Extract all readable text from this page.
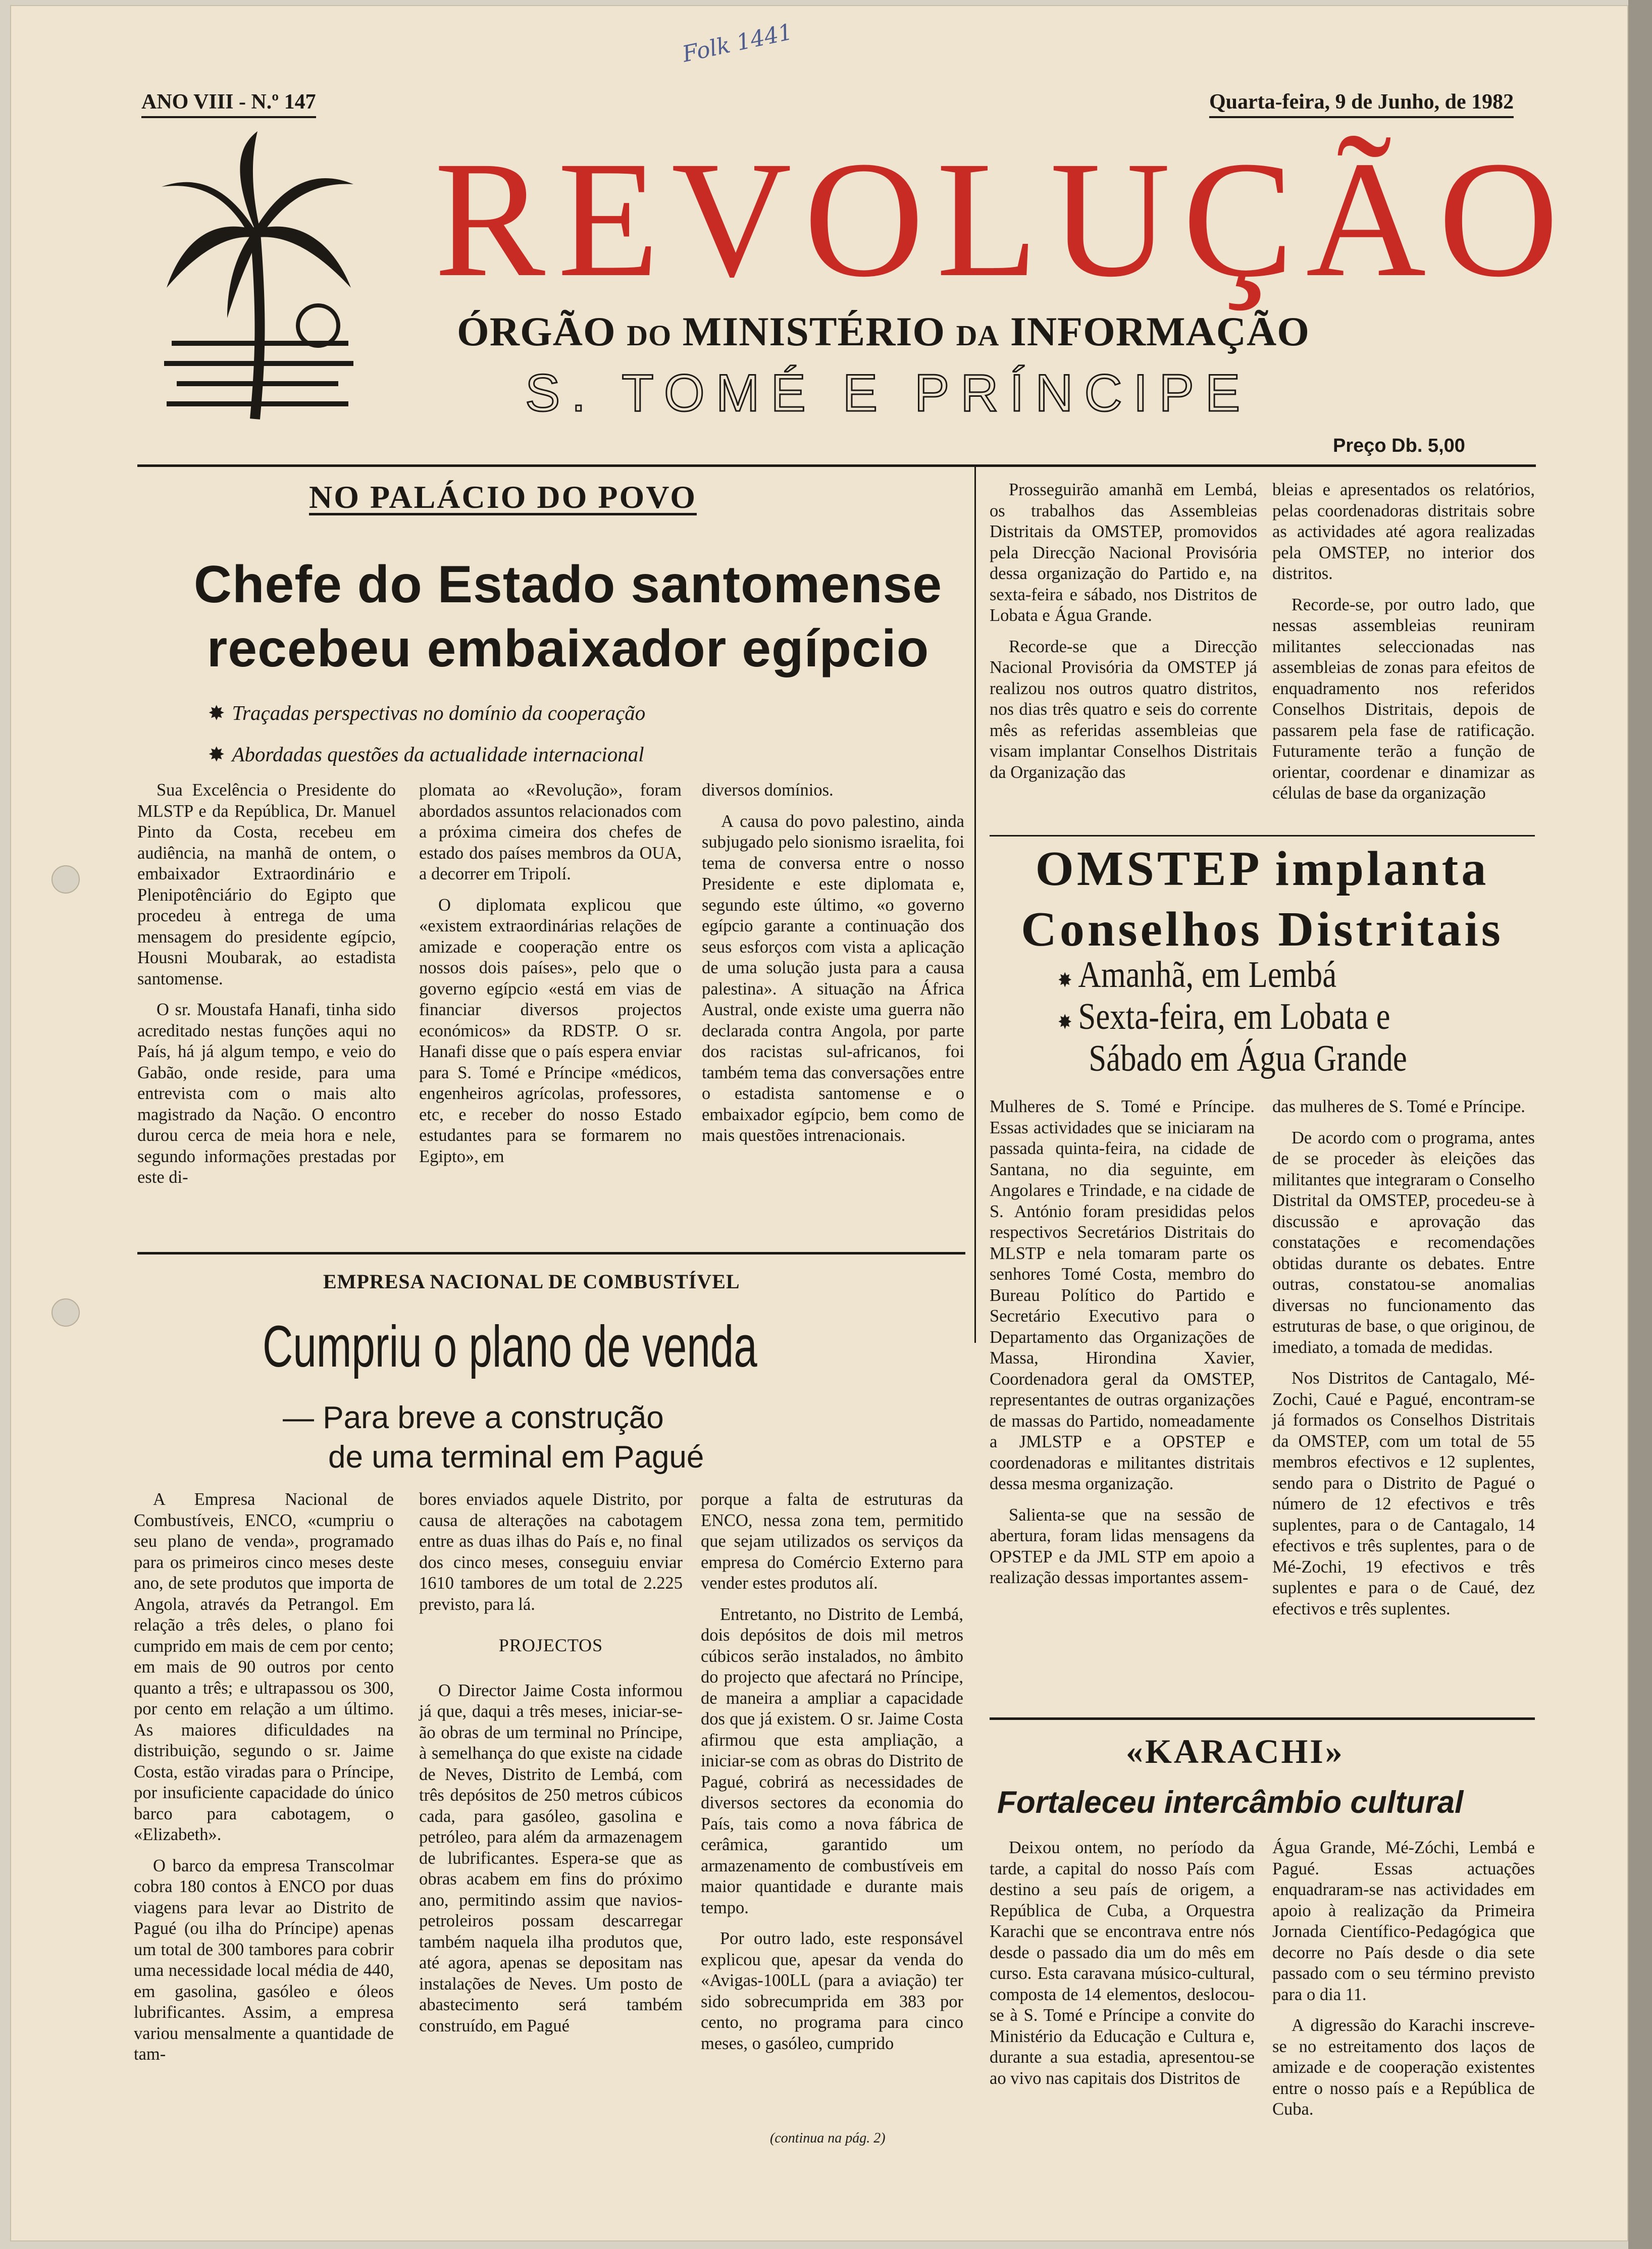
ANO VIII - N.º 147	Quarta-feira, 9 de Junho, de 1982
Folk 1441
REVOLUÇÃO
ÓRGÃO DO MINISTÉRIO DA INFORMAÇÃO
S. TOMÉ E PRÍNCIPE
Preço Db. 5,00
NO PALÁCIO DO POVO
Chefe do Estado santomense
recebeu embaixador egípcio
✸ Traçadas perspectivas no domínio da cooperação
✸ Abordadas questões da actualidade internacional

Sua Excelência o Presidente do MLSTP e da República, Dr. Manuel Pinto da Costa, recebeu em audiência, na manhã de ontem, o embaixador Extraordinário e Plenipotênciário do Egipto que procedeu à entrega de uma mensagem do presidente egípcio, Housni Moubarak, ao estadista santomense.

O sr. Moustafa Hanafi, tinha sido acreditado nestas funções aqui no País, há já algum tempo, e veio do Gabão, onde reside, para uma entrevista com o mais alto magistrado da Nação. O encontro durou cerca de meia hora e nele, segundo informações prestadas por este di-

plomata ao «Revolução», foram abordados assuntos relacionados com a próxima cimeira dos chefes de estado dos países membros da OUA, a decorrer em Tripolí.

O diplomata explicou que «existem extraordinárias relações de amizade e cooperação entre os nossos dois países», pelo que o governo egípcio «está em vias de financiar diversos projectos económicos» da RDSTP. O sr. Hanafi disse que o país espera enviar para S. Tomé e Príncipe «médicos, engenheiros agrícolas, professores, etc, e receber do nosso Estado estudantes para se formarem no Egipto», em

diversos domínios.

A causa do povo palestino, ainda subjugado pelo sionismo israelita, foi tema de conversa entre o nosso Presidente e este diplomata e, segundo este último, «o governo egípcio garante a continuação dos seus esforços com vista a aplicação de uma solução justa para a causa palestina». A situação na África Austral, onde existe uma guerra não declarada contra Angola, por parte dos racistas sul-africanos, foi também tema das conversações entre o estadista santomense e o embaixador egípcio, bem como de mais questões intrenacionais.

Prosseguirão amanhã em Lembá, os trabalhos das Assembleias Distritais da OMSTEP, promovidos pela Direcção Nacional Provisória dessa organização do Partido e, na sexta-feira e sábado, nos Distritos de Lobata e Água Grande.

Recorde-se que a Direcção Nacional Provisória da OMSTEP já realizou nos outros quatro distritos, nos dias três quatro e seis do corrente mês as referidas assembleias que visam implantar Conselhos Distritais da Organização das

bleias e apresentados os relatórios, pelas coordenadoras distritais sobre as actividades até agora realizadas pela OMSTEP, no interior dos distritos.

Recorde-se, por outro lado, que nessas assembleias reuniram militantes seleccionadas nas assembleias de zonas para efeitos de enquadramento nos referidos Conselhos Distritais, depois de passarem pela fase de ratificação. Futuramente terão a função de orientar, coordenar e dinamizar as células de base da organização

OMSTEP implanta
Conselhos Distritais
✸ Amanhã, em Lembá
✸ Sexta-feira, em Lobata e
Sábado em Água Grande

Mulheres de S. Tomé e Príncipe. Essas actividades que se iniciaram na passada quinta-feira, na cidade de Santana, no dia seguinte, em Angolares e Trindade, e na cidade de S. António foram presididas pelos respectivos Secretários Distritais do MLSTP e nela tomaram parte os senhores Tomé Costa, membro do Bureau Político do Partido e Secretário Executivo para o Departamento das Organizações de Massa, Hirondina Xavier, Coordenadora geral da OMSTEP, representantes de outras organizações de massas do Partido, nomeadamente a JMLSTP e a OPSTEP e coordenadoras e militantes distritais dessa mesma organização.

Salienta-se que na sessão de abertura, foram lidas mensagens da OPSTEP e da JML STP em apoio a realização dessas importantes assem-

das mulheres de S. Tomé e Príncipe.

De acordo com o programa, antes de se proceder às eleições das militantes que integraram o Conselho Distrital da OMSTEP, procedeu-se à discussão e aprovação das constatações e recomendações obtidas durante os debates. Entre outras, constatou-se anomalias diversas no funcionamento das estruturas de base, o que originou, de imediato, a tomada de medidas.

Nos Distritos de Cantagalo, Mé-Zochi, Caué e Pagué, encontram-se já formados os Conselhos Distritais da OMSTEP, com um total de 55 membros efectivos e 12 suplentes, sendo para o Distrito de Pagué o número de 12 efectivos e três suplentes, para o de Cantagalo, 14 efectivos e três suplentes, para o de Mé-Zochi, 19 efectivos e três suplentes e para o de Caué, dez efectivos e três suplentes.

EMPRESA NACIONAL DE COMBUSTÍVEL
Cumpriu o plano de venda
— Para breve a construção
de uma terminal em Pagué

A Empresa Nacional de Combustíveis, ENCO, «cumpriu o seu plano de venda», programado para os primeiros cinco meses deste ano, de sete produtos que importa de Angola, através da Petrangol. Em relação a três deles, o plano foi cumprido em mais de cem por cento; em mais de 90 outros por cento quanto a três; e ultrapassou os 300, por cento em relação a um último. As maiores dificuldades na distribuição, segundo o sr. Jaime Costa, estão viradas para o Príncipe, por insuficiente capacidade do único barco para cabotagem, o «Elizabeth».

O barco da empresa Transcolmar cobra 180 contos à ENCO por duas viagens para levar ao Distrito de Pagué (ou ilha do Príncipe) apenas um total de 300 tambores para cobrir uma necessidade local média de 440, em gasolina, gasóleo e óleos lubrificantes. Assim, a empresa variou mensalmente a quantidade de tam-

bores enviados aquele Distrito, por causa de alterações na cabotagem entre as duas ilhas do País e, no final dos cinco meses, conseguiu enviar 1610 tambores de um total de 2.225 previsto, para lá.

PROJECTOS

O Director Jaime Costa informou já que, daqui a três meses, iniciar-se-ão obras de um terminal no Príncipe, à semelhança do que existe na cidade de Neves, Distrito de Lembá, com três depósitos de 250 metros cúbicos cada, para gasóleo, gasolina e petróleo, para além da armazenagem de lubrificantes. Espera-se que as obras acabem em fins do próximo ano, permitindo assim que navios-petroleiros possam descarregar também naquela ilha produtos que, até agora, apenas se depositam nas instalações de Neves. Um posto de abastecimento será também construído, em Pagué

porque a falta de estruturas da ENCO, nessa zona tem, permitido que sejam utilizados os serviços da empresa do Comércio Externo para vender estes produtos alí.

Entretanto, no Distrito de Lembá, dois depósitos de dois mil metros cúbicos serão instalados, no âmbito do projecto que afectará no Príncipe, de maneira a ampliar a capacidade dos que já existem. O sr. Jaime Costa afirmou que esta ampliação, a iniciar-se com as obras do Distrito de Pagué, cobrirá as necessidades de diversos sectores da economia do País, tais como a nova fábrica de cerâmica, garantido um armazenamento de combustíveis em maior quantidade e durante mais tempo.

Por outro lado, este responsável explicou que, apesar da venda do «Avigas-100LL (para a aviação) ter sido sobrecumprida em 383 por cento, no programa para cinco meses, o gasóleo, cumprido

(continua na pág. 2)
«KARACHI»
Fortaleceu intercâmbio cultural

Deixou ontem, no período da tarde, a capital do nosso País com destino a seu país de origem, a República de Cuba, a Orquestra Karachi que se encontrava entre nós desde o passado dia um do mês em curso. Esta caravana músico-cultural, composta de 14 elementos, deslocou-se à S. Tomé e Príncipe a convite do Ministério da Educação e Cultura e, durante a sua estadia, apresentou-se ao vivo nas capitais dos Distritos de

Água Grande, Mé-Zóchi, Lembá e Pagué. Essas actuações enquadraram-se nas actividades em apoio à realização da Primeira Jornada Científico-Pedagógica que decorre no País desde o dia sete passado com o seu término previsto para o dia 11.

A digressão do Karachi inscreve-se no estreitamento dos laços de amizade e de cooperação existentes entre o nosso país e a República de Cuba.
